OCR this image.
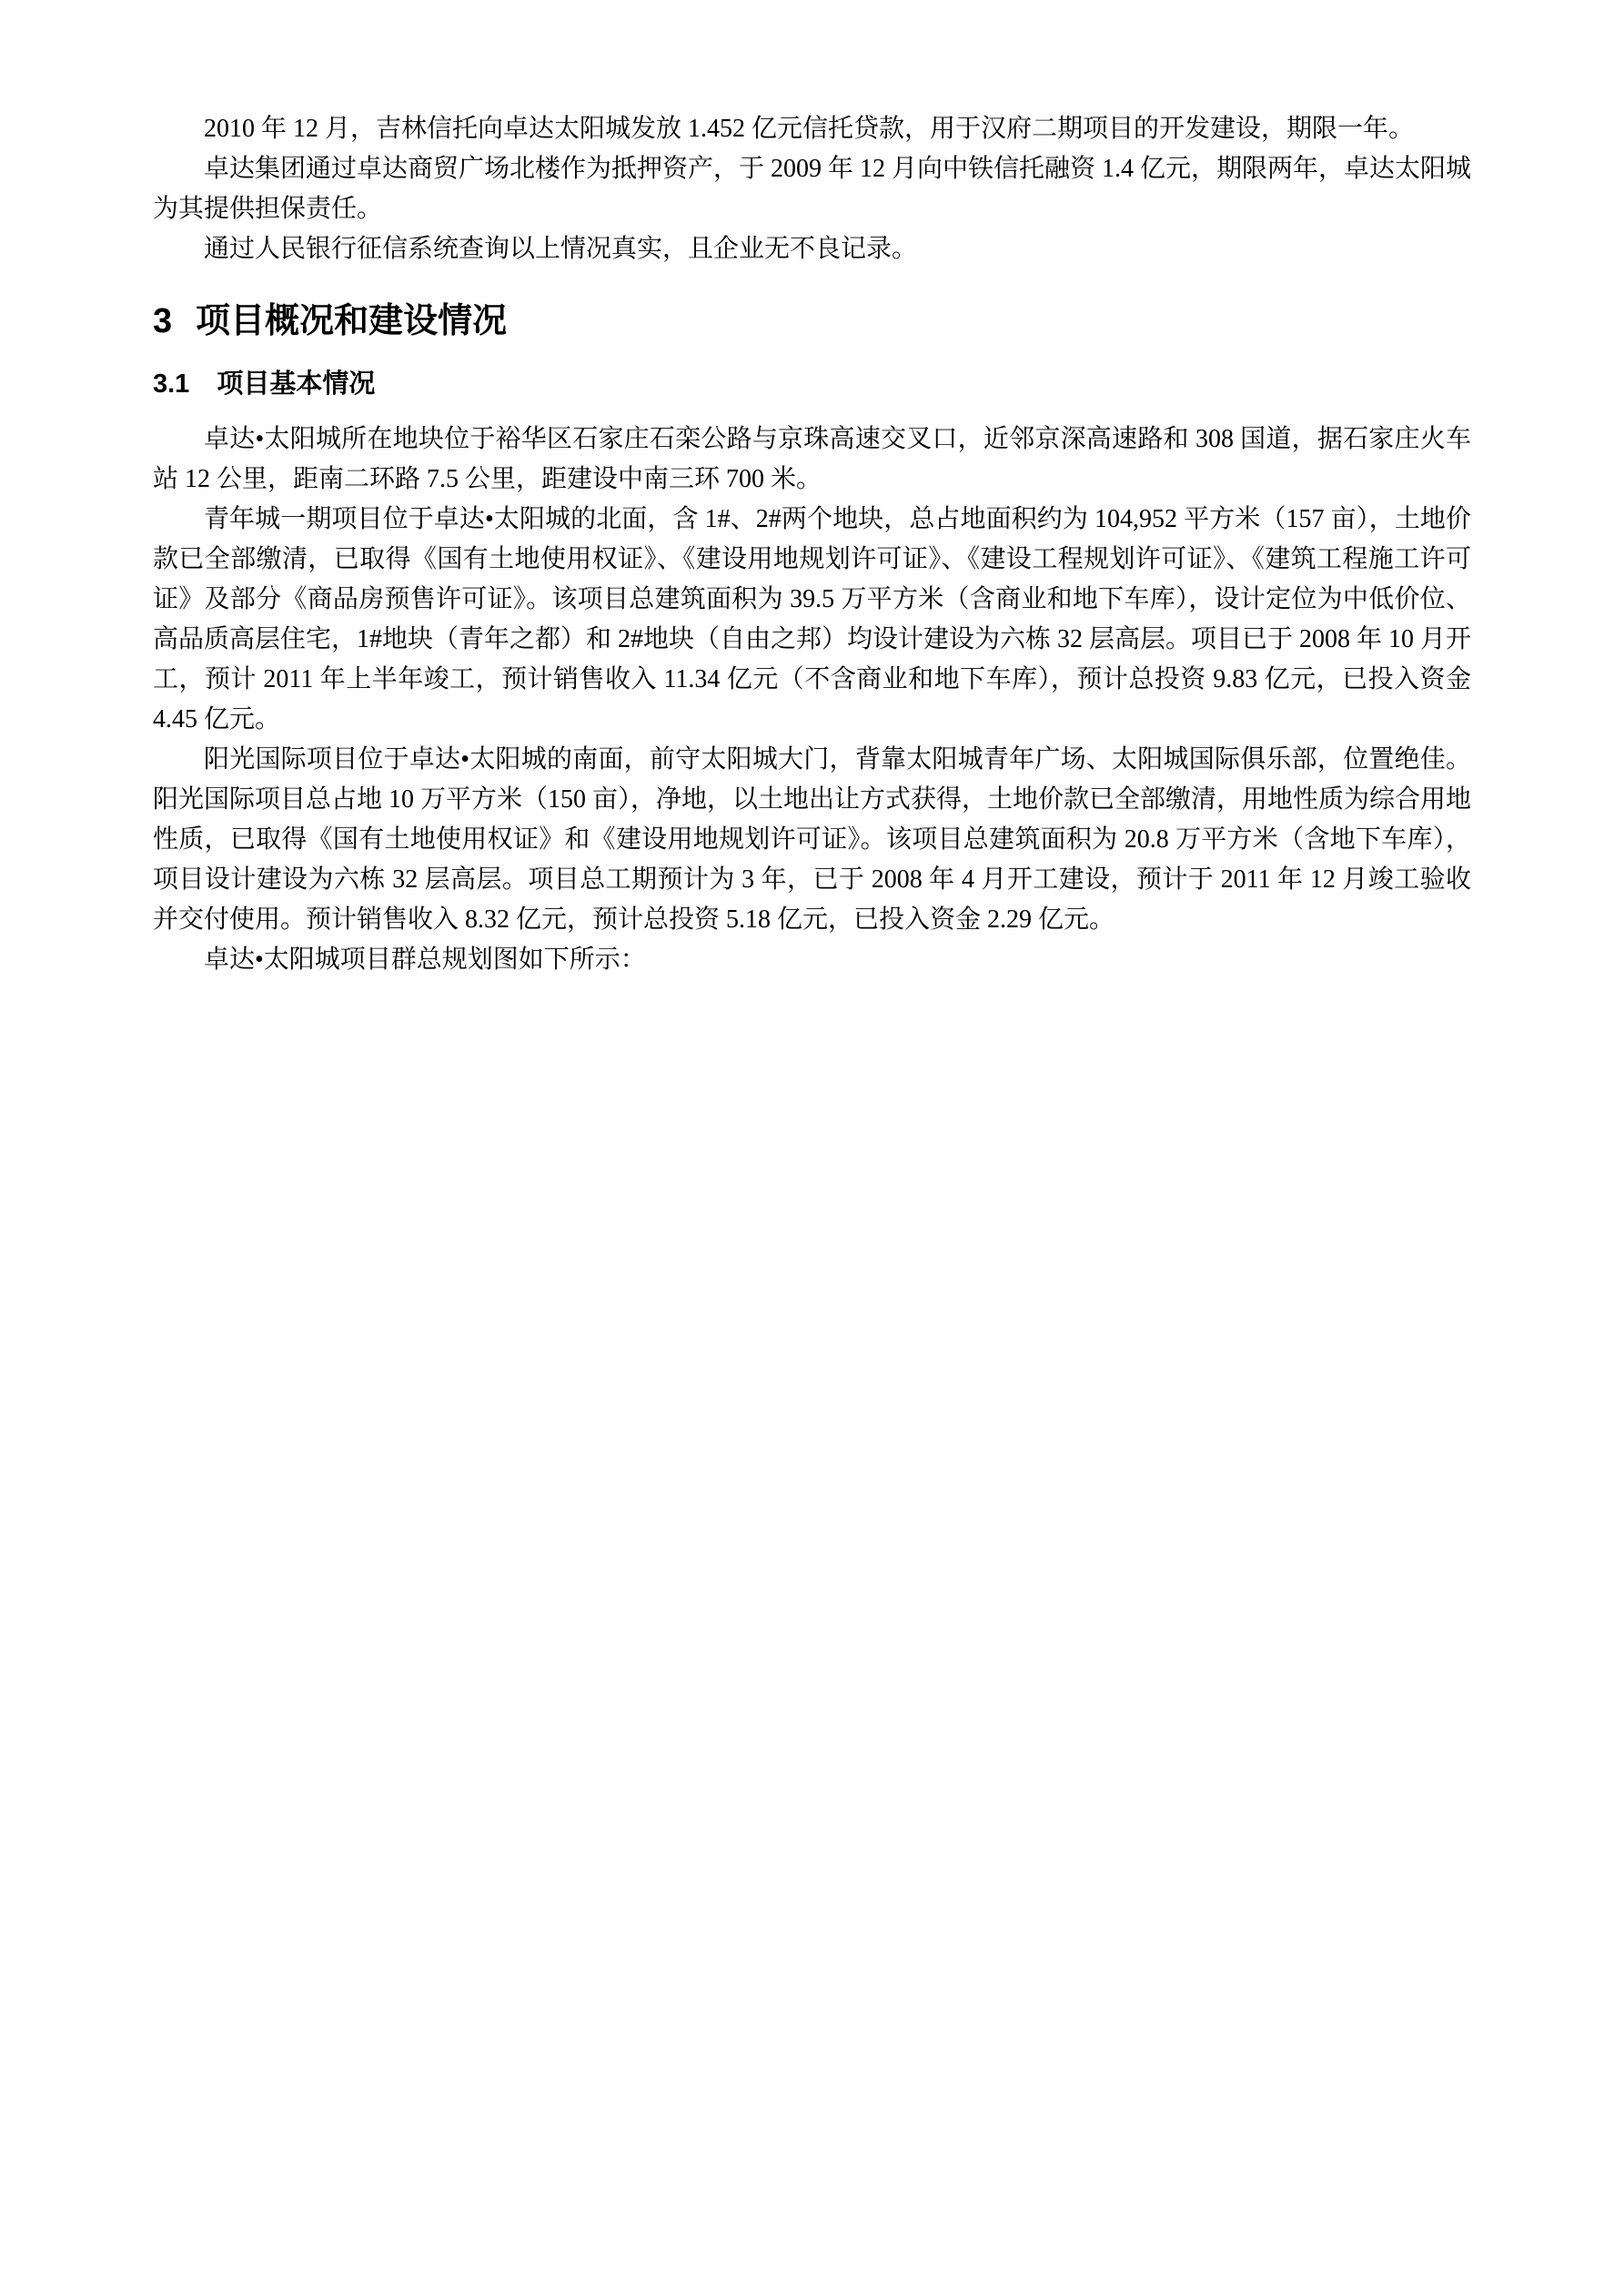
2010 年 12 月，吉林信托向卓达太阳城发放 1.452 亿元信托贷款，用于汉府二期项目的开发建设，期限一年。

卓达集团通过卓达商贸广场北楼作为抵押资产，于 2009 年 12 月向中铁信托融资 1.4 亿元，期限两年，卓达太阳城为其提供担保责任。

通过人民银行征信系统查询以上情况真实，且企业无不良记录。

3 项目概况和建设情况
3.1 项目基本情况

卓达•太阳城所在地块位于裕华区石家庄石栾公路与京珠高速交叉口，近邻京深高速路和 308 国道，据石家庄火车站 12 公里，距南二环路 7.5 公里，距建设中南三环 700 米。

青年城一期项目位于卓达•太阳城的北面，含 1#、2#两个地块，总占地面积约为 104,952 平方米（157 亩），土地价款已全部缴清，已取得《国有土地使用权证》、《建设用地规划许可证》、《建设工程规划许可证》、《建筑工程施工许可证》及部分《商品房预售许可证》。该项目总建筑面积为 39.5 万平方米（含商业和地下车库），设计定位为中低价位、高品质高层住宅，1#地块（青年之都）和 2#地块（自由之邦）均设计建设为六栋 32 层高层。项目已于 2008 年 10 月开工，预计 2011 年上半年竣工，预计销售收入 11.34 亿元（不含商业和地下车库），预计总投资 9.83 亿元，已投入资金 4.45 亿元。

阳光国际项目位于卓达•太阳城的南面，前守太阳城大门，背靠太阳城青年广场、太阳城国际俱乐部，位置绝佳。阳光国际项目总占地 10 万平方米（150 亩），净地，以土地出让方式获得，土地价款已全部缴清，用地性质为综合用地性质，已取得《国有土地使用权证》和《建设用地规划许可证》。该项目总建筑面积为 20.8 万平方米（含地下车库），项目设计建设为六栋 32 层高层。项目总工期预计为 3 年，已于 2008 年 4 月开工建设，预计于 2011 年 12 月竣工验收并交付使用。预计销售收入 8.32 亿元，预计总投资 5.18 亿元，已投入资金 2.29 亿元。

卓达•太阳城项目群总规划图如下所示：
